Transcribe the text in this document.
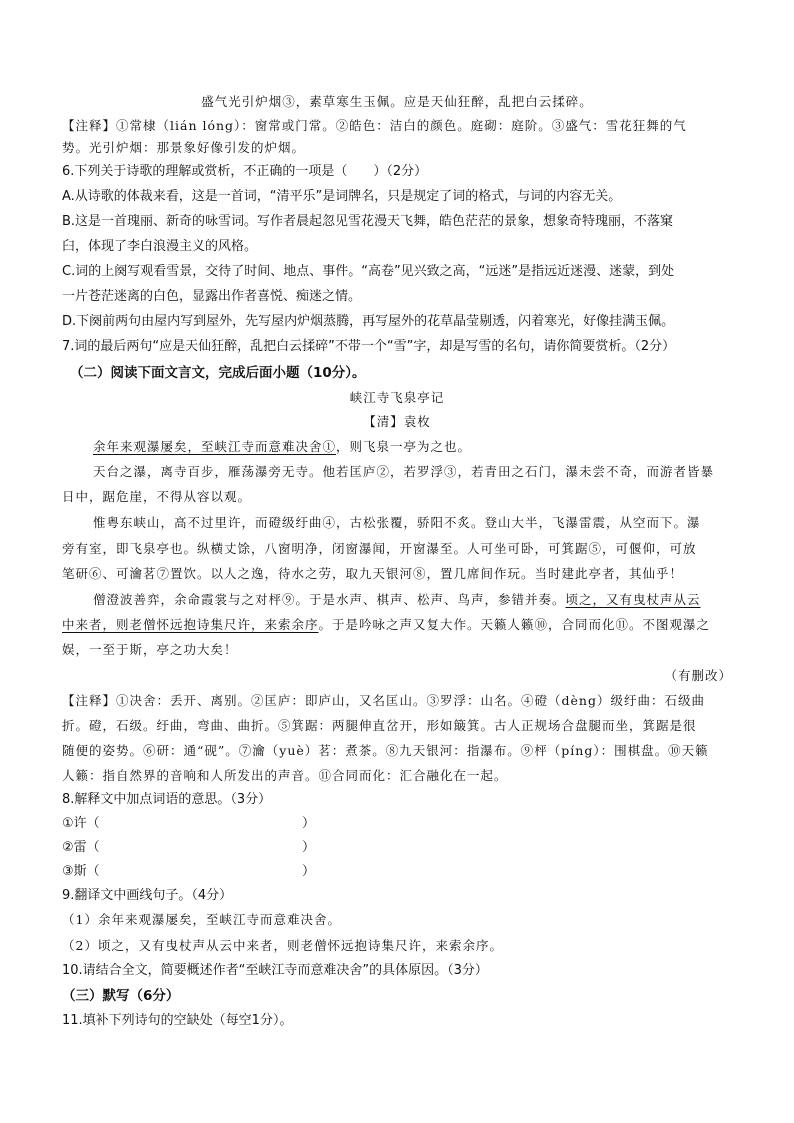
盛气光引炉烟③，素草寒生玉佩。应是天仙狂醉，乱把白云揉碎。
【注释】①常棣（lián lóng）：窗常或门常。②皓色：洁白的颜色。庭砌：庭阶。③盛气：雪花狂舞的气
势。光引炉烟：那景象好像引发的炉烟。
6.下列关于诗歌的理解或赏析，不正确的一项是（　　）（2分）
A.从诗歌的体裁来看，这是一首词，“清平乐”是词牌名，只是规定了词的格式，与词的内容无关。
B.这是一首瑰丽、新奇的咏雪词。写作者晨起忽见雪花漫天飞舞，皓色茫茫的景象，想象奇特瑰丽，不落窠
臼，体现了李白浪漫主义的风格。
C.词的上阕写观看雪景，交待了时间、地点、事件。“高卷”见兴致之高，“远迷”是指远近迷漫、迷蒙，到处
一片苍茫迷离的白色，显露出作者喜悦、痴迷之情。
D.下阕前两句由屋内写到屋外，先写屋内炉烟蒸腾，再写屋外的花草晶莹剔透，闪着寒光，好像挂满玉佩。
7.词的最后两句“应是天仙狂醉，乱把白云揉碎”不带一个“雪”字，却是写雪的名句，请你简要赏析。（2分）
（二）阅读下面文言文，完成后面小题（10分）。
峡江寺飞泉亭记
【清】袁枚
余年来观瀑屡矣，至峡江寺而意难决舍①，则飞泉一亭为之也。
天台之瀑，离寺百步，雁荡瀑旁无寺。他若匡庐②，若罗浮③，若青田之石门，瀑未尝不奇，而游者皆暴
日中，踞危崖，不得从容以观。
惟粤东峡山，高不过里许，而磴级纡曲④，古松张覆，骄阳不炙。登山大半，飞瀑雷震，从空而下。瀑
旁有室，即飞泉亭也。纵横丈馀，八窗明净，闭窗瀑闻，开窗瀑至。人可坐可卧，可箕踞⑤，可偃仰，可放
笔研⑥、可瀹茗⑦置饮。以人之逸，待水之劳，取九天银河⑧，置几席间作玩。当时建此亭者，其仙乎！
僧澄波善弈，余命霞裳与之对枰⑨。于是水声、棋声、松声、鸟声，参错并奏。顷之，又有曳杖声从云
中来者，则老僧怀远抱诗集尺许，来索余序。于是吟咏之声又复大作。天籁人籁⑩，合同而化⑪。不图观瀑之
娱，一至于斯，亭之功大矣！
（有删改）
【注释】①决舍：丢开、离别。②匡庐：即庐山，又名匡山。③罗浮：山名。④磴（dèng）级纡曲：石级曲
折。磴，石级。纡曲，弯曲、曲折。⑤箕踞：两腿伸直岔开，形如簸箕。古人正规场合盘腿而坐，箕踞是很
随便的姿势。⑥研：通“砚”。⑦瀹（yuè）茗：煮茶。⑧九天银河：指瀑布。⑨枰（píng）：围棋盘。⑩天籁
人籁：指自然界的音响和人所发出的声音。⑪合同而化：汇合融化在一起。
8.解释文中加点词语的意思。（3分）
①许（	）
②雷（	）
③斯（	）
9.翻译文中画线句子。（4分）
（1）余年来观瀑屡矣，至峡江寺而意难决舍。
（2）顷之，又有曳杖声从云中来者，则老僧怀远抱诗集尺许，来索余序。
10.请结合全文，简要概述作者“至峡江寺而意难决舍”的具体原因。（3分）
（三）默写（6分）
11.填补下列诗句的空缺处（每空1分）。
